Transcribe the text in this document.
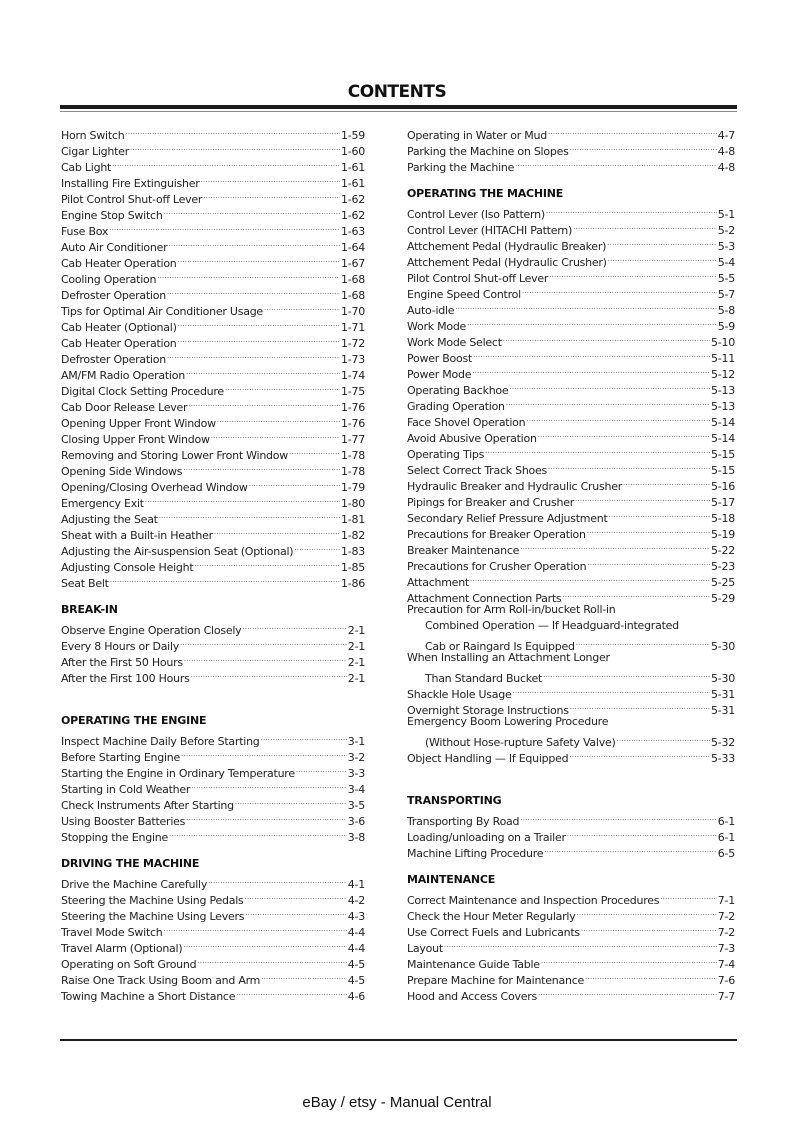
CONTENTS
Horn Switch .....	1-59
Cigar Lighter .....	1-60
Cab Light .....	1-61
Installing Fire Extinguisher .....	1-61
Pilot Control Shut-off Lever .....	1-62
Engine Stop Switch .....	1-62
Fuse Box .....	1-63
Auto Air Conditioner .....	1-64
Cab Heater Operation .....	1-67
Cooling Operation .....	1-68
Defroster Operation .....	1-68
Tips for Optimal Air Conditioner Usage .....	1-70
Cab Heater (Optional) .....	1-71
Cab Heater Operation .....	1-72
Defroster Operation .....	1-73
AM/FM Radio Operation .....	1-74
Digital Clock Setting Procedure .....	1-75
Cab Door Release Lever .....	1-76
Opening Upper Front Window .....	1-76
Closing Upper Front Window .....	1-77
Removing and Storing Lower Front Window .....	1-78
Opening Side Windows .....	1-78
Opening/Closing Overhead Window .....	1-79
Emergency Exit .....	1-80
Adjusting the Seat .....	1-81
Sheat with a Built-in Heather .....	1-82
Adjusting the Air-suspension Seat (Optional) .....	1-83
Adjusting Console Height .....	1-85
Seat Belt .....	1-86
BREAK-IN
Observe Engine Operation Closely .....	2-1
Every 8 Hours or Daily .....	2-1
After the First 50 Hours .....	2-1
After the First 100 Hours .....	2-1
OPERATING THE ENGINE
Inspect Machine Daily Before Starting .....	3-1
Before Starting Engine .....	3-2
Starting the Engine in Ordinary Temperature .....	3-3
Starting in Cold Weather .....	3-4
Check Instruments After Starting .....	3-5
Using Booster Batteries .....	3-6
Stopping the Engine .....	3-8
DRIVING THE MACHINE
Drive the Machine Carefully .....	4-1
Steering the Machine Using Pedals .....	4-2
Steering the Machine Using Levers .....	4-3
Travel Mode Switch .....	4-4
Travel Alarm (Optional) .....	4-4
Operating on Soft Ground .....	4-5
Raise One Track Using Boom and Arm .....	4-5
Towing Machine a Short Distance .....	4-6
Operating in Water or Mud .....	4-7
Parking the Machine on Slopes .....	4-8
Parking the Machine .....	4-8
OPERATING THE MACHINE
Control Lever (Iso Pattern) .....	5-1
Control Lever (HITACHI Pattern) .....	5-2
Attchement Pedal (Hydraulic Breaker) .....	5-3
Attchement Pedal (Hydraulic Crusher) .....	5-4
Pilot Control Shut-off Lever .....	5-5
Engine Speed Control .....	5-7
Auto-idle .....	5-8
Work Mode .....	5-9
Work Mode Select .....	5-10
Power Boost .....	5-11
Power Mode .....	5-12
Operating Backhoe .....	5-13
Grading Operation .....	5-13
Face Shovel Operation .....	5-14
Avoid Abusive Operation .....	5-14
Operating Tips .....	5-15
Select Correct Track Shoes .....	5-15
Hydraulic Breaker and Hydraulic Crusher .....	5-16
Pipings for Breaker and Crusher .....	5-17
Secondary Relief Pressure Adjustment .....	5-18
Precautions for Breaker Operation .....	5-19
Breaker Maintenance .....	5-22
Precautions for Crusher Operation .....	5-23
Attachment .....	5-25
Attachment Connection Parts .....	5-29
Precaution for Arm Roll-in/bucket Roll-in
Combined Operation — If Headguard-integrated
Cab or Raingard Is Equipped .....	5-30
When Installing an Attachment Longer
Than Standard Bucket .....	5-30
Shackle Hole Usage .....	5-31
Overnight Storage Instructions .....	5-31
Emergency Boom Lowering Procedure
(Without Hose-rupture Safety Valve) .....	5-32
Object Handling — If Equipped .....	5-33
TRANSPORTING
Transporting By Road .....	6-1
Loading/unloading on a Trailer .....	6-1
Machine Lifting Procedure .....	6-5
MAINTENANCE
Correct Maintenance and Inspection Procedures .....	7-1
Check the Hour Meter Regularly .....	7-2
Use Correct Fuels and Lubricants .....	7-2
Layout .....	7-3
Maintenance Guide Table .....	7-4
Prepare Machine for Maintenance .....	7-6
Hood and Access Covers .....	7-7
eBay / etsy - Manual Central
